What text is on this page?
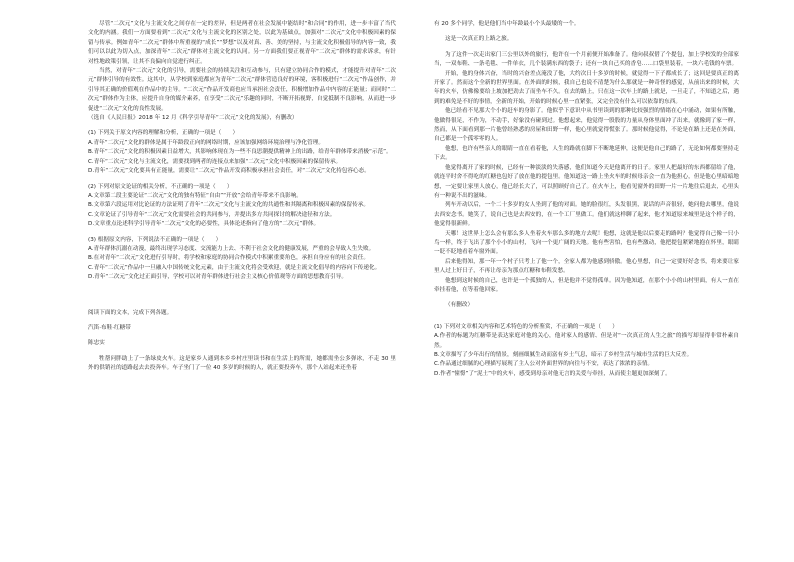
尽管“二次元”文化与主流文化之间存在一定的差异，但是两者在社会发展中能结时“和合同”的作用，进一步丰富了当代文化的内涵。我们一方面要看到“二次元”文化与主流文化的区别之处，以此为基础点，加强对“二次元”文化中积极因素的保留与传承。例如青年“二次元”群体中所重视的“成长”“梦想”以及对真、善、美的坚持，与主流文化积极倡导的内容一致，我们可以以此为切入点，加深青年“二次元”群体对主流文化的认同。另一方面我们要正视青年“二次元”群体的需求诉求，有针对性地政策引领，让其不良偏向自觉进行纠正。

当然，对青年“二次元”文化的引导，需要社会的持续关注和互动参与，只有建立协同合作的模式，才能提升对青年“二次元”群体引导的有效性。这其中，从学校到家庭都应为青年“二次元”群体营造良好的环境，客积极进行“二次元”作品创作，并引导其正确的价值观在作品中的主导。“二次元”作品开发商也应当承担社会责任，积极增加作品中内容的正能量；而同时“二次元”群体作为主体，应提升自身的媒介素养，在享受“二次元”乐趣的同时，不断开拓视野，自觉抵制不良影响，从而进一步促进“二次元”文化的良性发展。

（选自《人民日报》2018 年 12 月《科学引导青年“二次元”文化的发展》，有删改）

(1) 下列关于原文内容的理解和分析，正确的一项是（　　）

A.青年“二次元”文化的群体是属于年龄段正向的网络时期，应该加强网络环境治理与净化管理。

B.青年“二次元”文化的积极因素日益增大，其影响体现在为一些不良思潮提供精神上的出路，给青年群体带来消极“示范”。

C.青年“二次元”文化与主流文化，需要找到两者的连接点来加强“二次元”文化中积极因素的保留传承。

D.青年“二次元”文化要具有正能量，需要让“二次元”作品开发商积极承担社会责任，对“二次元”文化持包容心态。

(2) 下列对原文论证的相关分析，不正确的一项是（　　）

A.文章第二段主要论证“二次元”文化的独有特征“自由”“开放”会给青年带来不良影响。

B.文章第六段运用对比论证的方法证明了青年“二次元”文化与主流文化的共通性和其隔离和积极因素的保留传承。

C.文章论证了引导青年“二次元”文化需要社会的共同参与，并提出多方共同探讨的解决途径和方法。

D.文章重点论述科学引导青年“二次元”文化的必要性，具体论述指向了他方的“二次元”群体。

(3) 根据原文内容，下列说法不正确的一项是（　　）

A.青年群体沉溺在动漫，最终出现学习态度、交流能力上去、不利于社会文化的健康发展，严重的会导致人生失败。

B.在对青年“二次元”文化进行引导时，将学校和家庭的协同合作模式中积累重要角色，承担自身应有的社会责任。

C.青年“二次元”作品中一旦融入中国传统文化元素，由于主流文化将会受欢迎，就是主流文化倡导的内容向下传递化。

D.青年“二次元”文化过正面引导，学校可以对青年群体进行社会主义核心价值观等方面的思想教育引导。

阅读下面的文本，完成下列各题。

汽笛·布鞋·红糖带

陈忠实

牲帮问胖助上了一条绿皮火车。这是家乡人通到本乡乡村庄里读书和在生活上的所需，她都需坐公多弹冰，不走 30 里外的供销社的道路起去去投奔车。车子坐门了一位 40 多岁的时候的人，就正要投奔车，那个人站起来还坐着

有 20 多个同学，他是他们当中年龄最小个头最矮的一个。

这是一次真正的上路之旅。

为了这件一次走出家门三公里以外的旅行，他许在一个月前便开始准备了。他向叔叔借了个提包，加上学校发的全部家当，一双布鞋、一条毛毯、一件单衣，几个装满东西的袋子；还有一块自己买的香皂……口袋里装着，一块六毛钱的车票。

开始，他的身体兴奋，当时的兴奋差点淹没了他，大约次日十多岁的时候，就觉得一下子都成长了；这回是要真正的离开家了。然而这个全新的世界里面。在外面的时候，我自己也说不清楚为什么那就是一种奇怪的感觉，从前出来的时候，大年的火车，仿佛像要给上坡加把劲去了而坐车不久。在去的路上，只在这一次车上的路上就是，一旦走了，不知道之后，遇到的难免是不好的事情，全新的开始，开始的时候心里一直紧张，又完全没有什么可以依靠的东西。

他已经看不见那大个小的赶车的身影了。他似乎下意识中从书里读到的那种比较强烈的情绪在心中涌动，如果有所触，他做得很足，不作为，不动手，好象没有碰到过。他想起来，他觉得一股股的力量从身体里面冲了出来，就像到了家一样，然而，从下面看到那一片他曾经熟悉的房屋和田野一样，他心里就觉得慌张了。那时候他觉得，不论是在路上还是在外面，自己都是一个孤零零的人。

他想，也许有些亲人的眼睛一直在看着他，人生的路就在脚下不断地延伸，这便是他自己的路了，无论如何都要坚持走下去。

他觉得离开了家的时候，已经有一种淡淡的失落感，他们知道今天是他离开的日子。家里人把最好的东西都留给了他，就连平时舍不得吃的红糖也包好了放在他的提包里。他知道这一路上坐火车的时候母亲会一直为他担心，但是他心里暗暗地想，一定要让家里人放心，他已经长大了，可以照顾好自己了。在火车上，他看见窗外的田野一片一片地往后退去，心里头有一种说不出的滋味。

列车开动以后，一个二十多岁的女人坐到了他的对面。她的脸很红，头发很黑，说话的声音很轻，她问他去哪里，他说去西安念书。她笑了，说自己也是去西安的，在一个工厂里做工。他们就这样聊了起来，他才知道原来城里是这个样子的，他觉得很新鲜。

天哪！这世界上怎么会有那么多人坐着火车那么多的地方去呢！他想，这就是他以后要走的路吗？他觉得自己像一只小鸟一样，终于飞出了那个小小的山村，飞向一个更广阔的天地。他有些害怕，也有些激动，他把提包紧紧地抱在怀里，眼睛一眨不眨地看着车窗外面。

后来他得知，那一年一个村子只考上了他一个，全家人都为他感到骄傲。他心里想，自己一定要好好念书，将来要让家里人过上好日子，不再让母亲为那点红糖和布鞋发愁。

他想到这时候的自己，也许是一个孤独的人，但是他并不觉得孤单。因为他知道，在那个小小的山村里面，有人一直在牵挂着他，在等着他回家。

（有删改）

(1) 下列对文章相关内容和艺术特色的分析鉴赏，不正确的一项是（　　）

A.作者的标题为红糖带是表达家庭对他的关心，他对家人的感情、但是对“一次真正的人生之旅”的描写却显得非常朴素自然。

B.文章描写了少年出行的情景，刻画细腻生动而富有乡土气息，暗示了乡村生活与城市生活的巨大反差。

C.作品通过细腻的心理描写展现了主人公对外面世界的向往与不安，表达了浓浓的亲情。

D.作者“憧憬”了“泥土”中的火车，感受到母亲对他无言的关爱与牵挂，从而使主题更加深刻了。
